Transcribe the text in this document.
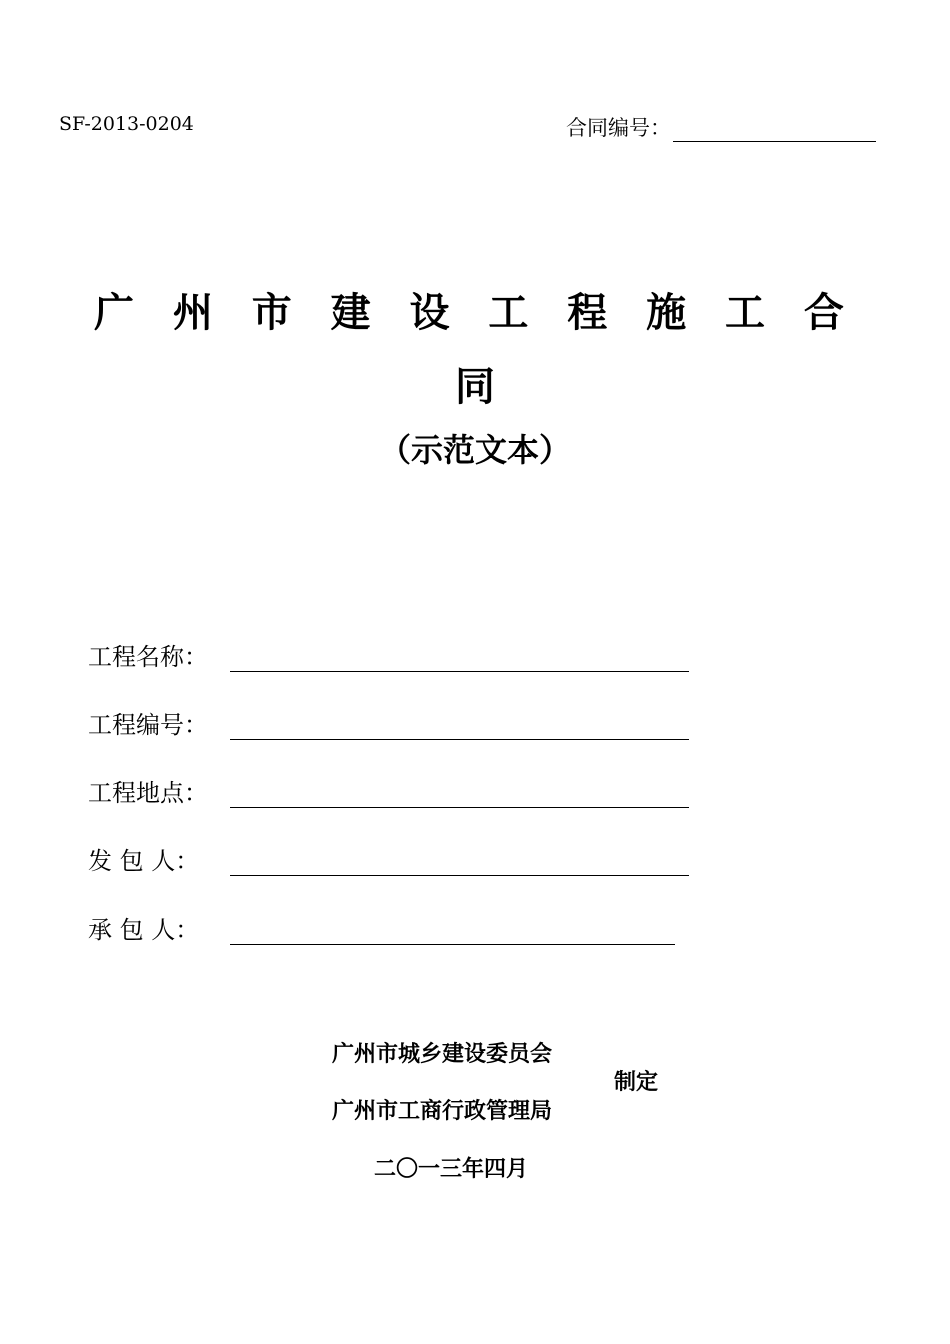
SF-2013-0204	合同编号：
广 州 市 建 设 工 程 施 工 合
同
（示范文本）
工程名称：
工程编号：
工程地点：
发 包 人：
承 包 人：
广州市城乡建设委员会
广州市工商行政管理局
制定
二〇一三年四月
